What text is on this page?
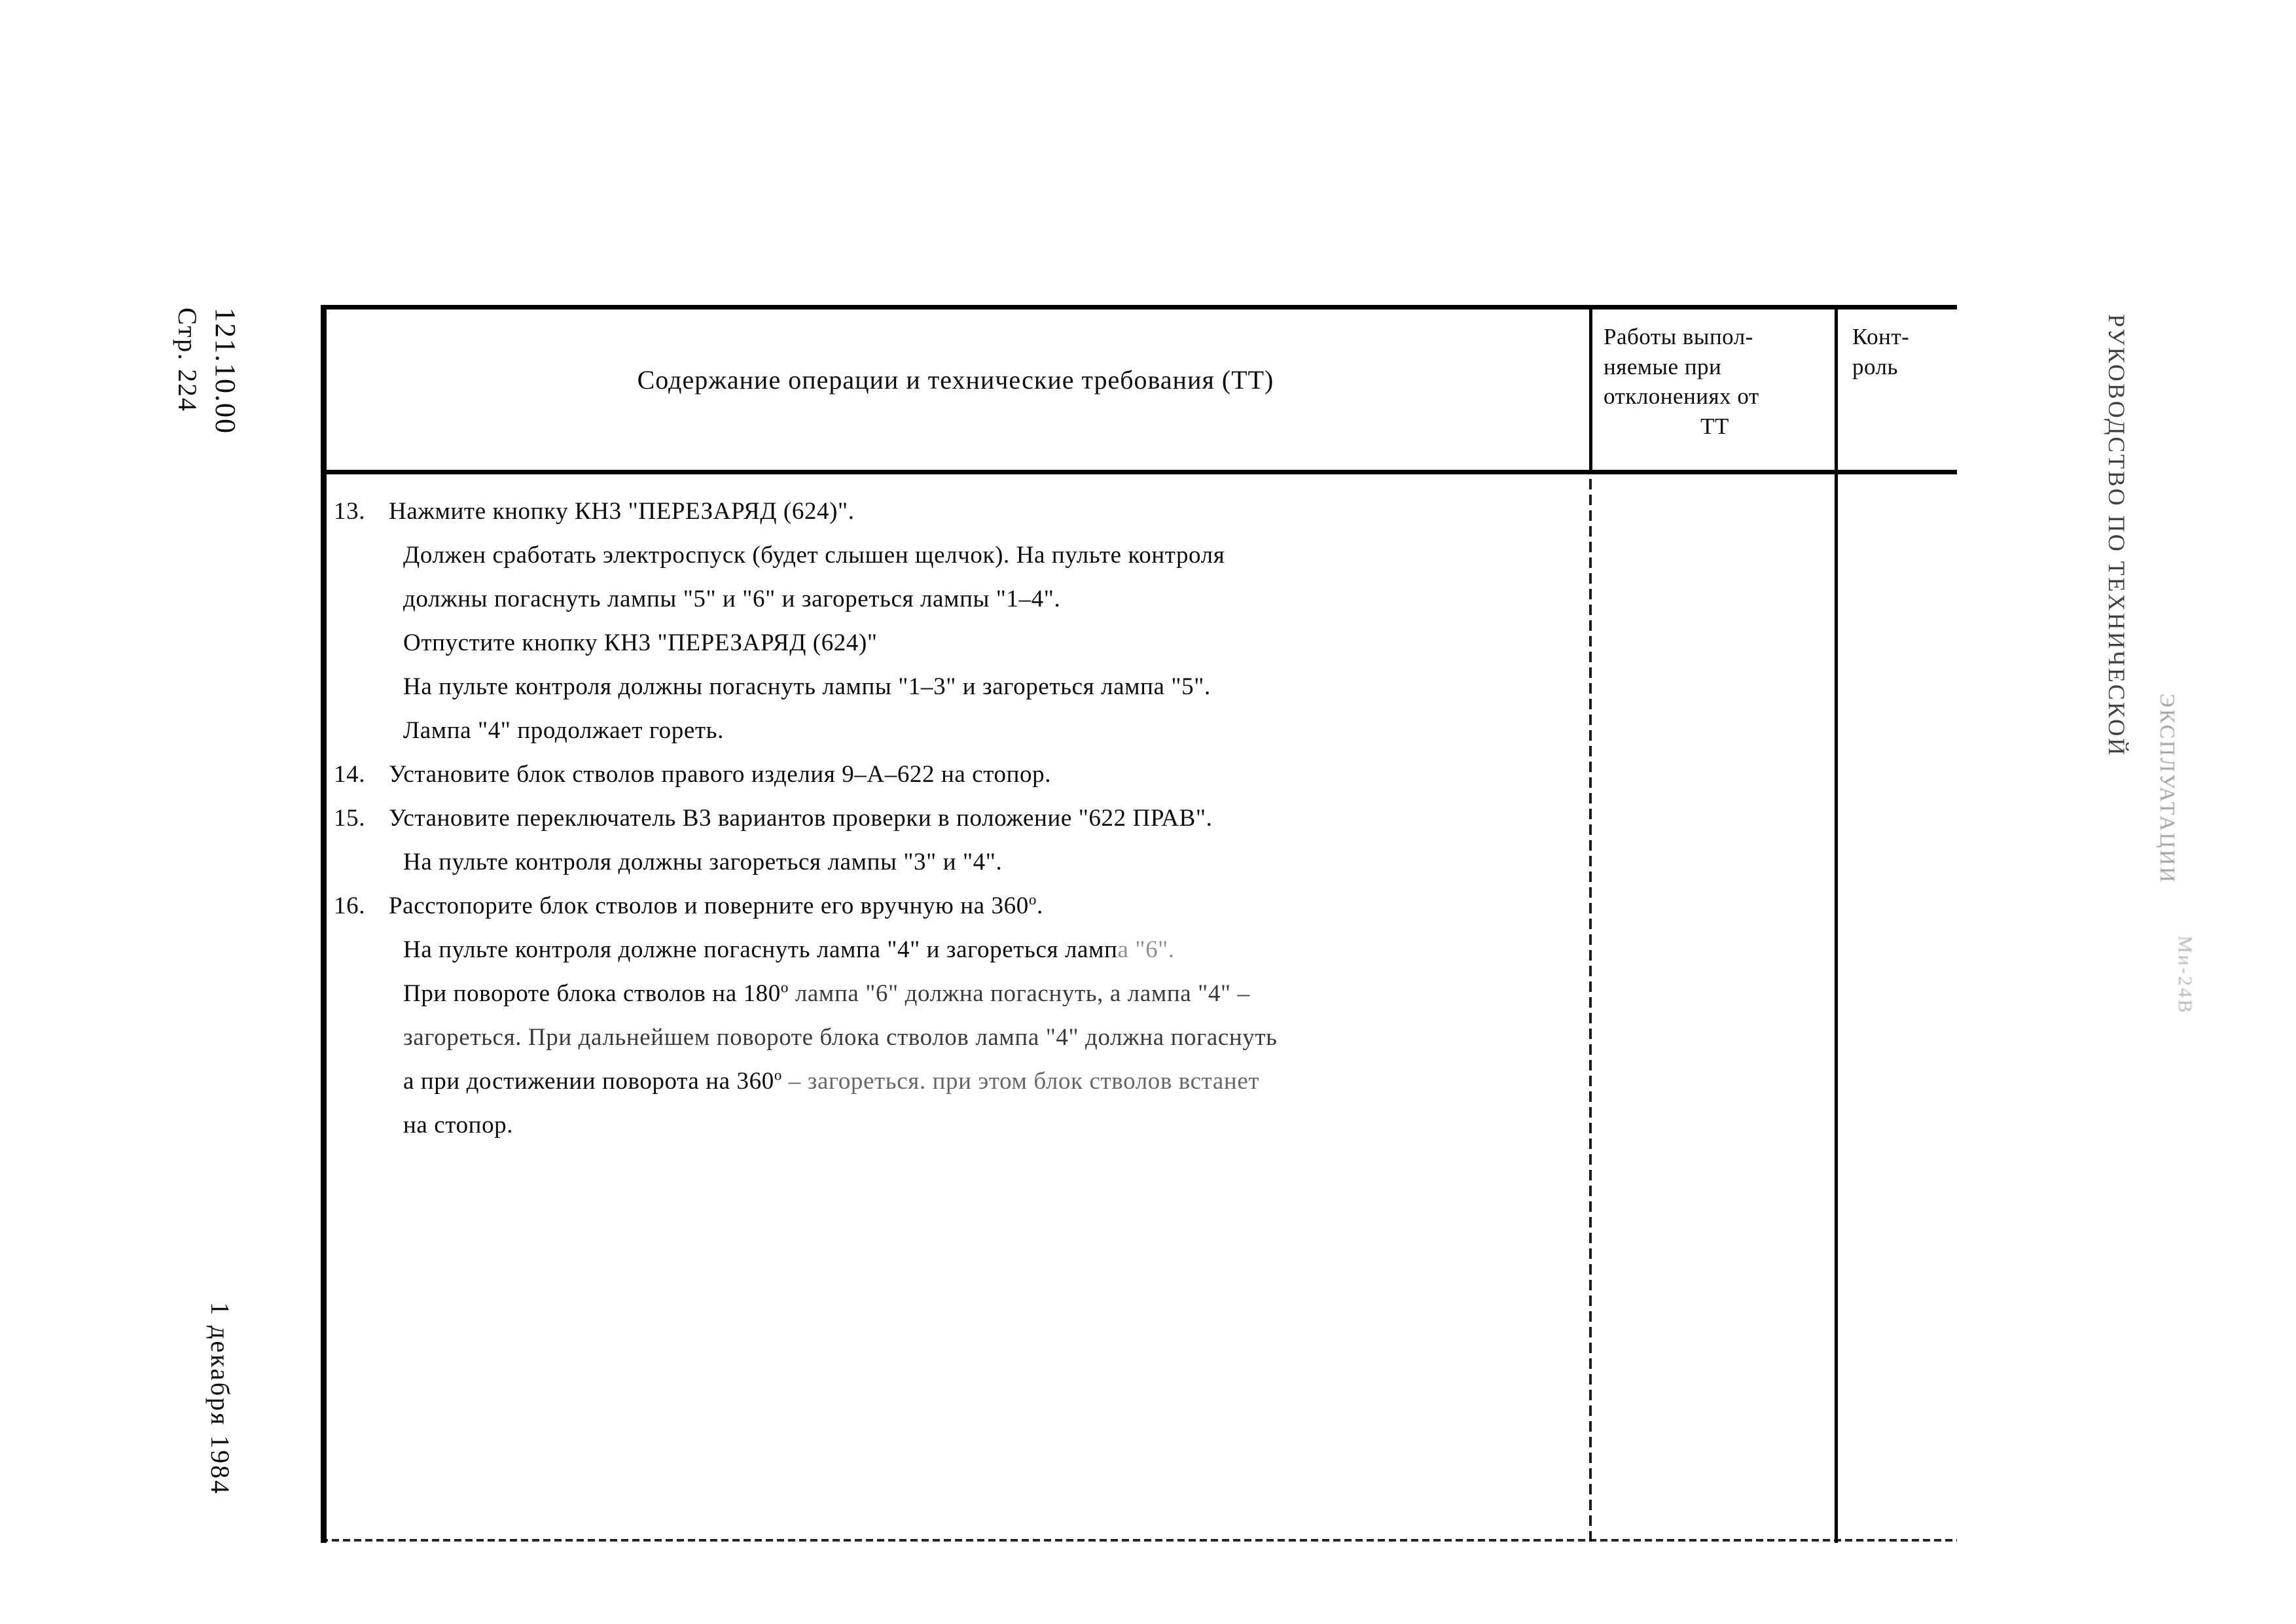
121.10.00
Стр. 224
1 декабря 1984
РУКОВОДСТВО ПО ТЕХНИЧЕСКОЙ
ЭКСПЛУАТАЦИИ
Ми-24В
Содержание операции и технические требования (ТТ)
Работы выпол-
няемые при
отклонениях от
ТТ
Конт-
роль
13. Нажмите кнопку КН3 "ПЕРЕЗАРЯД (624)".
Должен сработать электроспуск (будет слышен щелчок). На пульте контроля
должны погаснуть лампы "5" и "6" и загореться лампы "1–4".
Отпустите кнопку КН3 "ПЕРЕЗАРЯД (624)"
На пульте контроля должны погаснуть лампы "1–3" и загореться лампа "5".
Лампа "4" продолжает гореть.
14. Установите блок стволов правого изделия 9–А–622 на стопор.
15. Установите переключатель В3 вариантов проверки в положение "622 ПРАВ".
На пульте контроля должны загореться лампы "3" и "4".
16. Расстопорите блок стволов и поверните его вручную на 360$^o$.
На пульте контроля должне погаснуть лампа "4" и загореться лампа "6".
При повороте блока стволов на 180$^o$ лампа "6" должна погаснуть, а лампа "4" –
загореться. При дальнейшем повороте блока стволов лампа "4" должна погаснуть
а при достижении поворота на 360$^o$ – загореться. при этом блок стволов встанет
на стопор.
